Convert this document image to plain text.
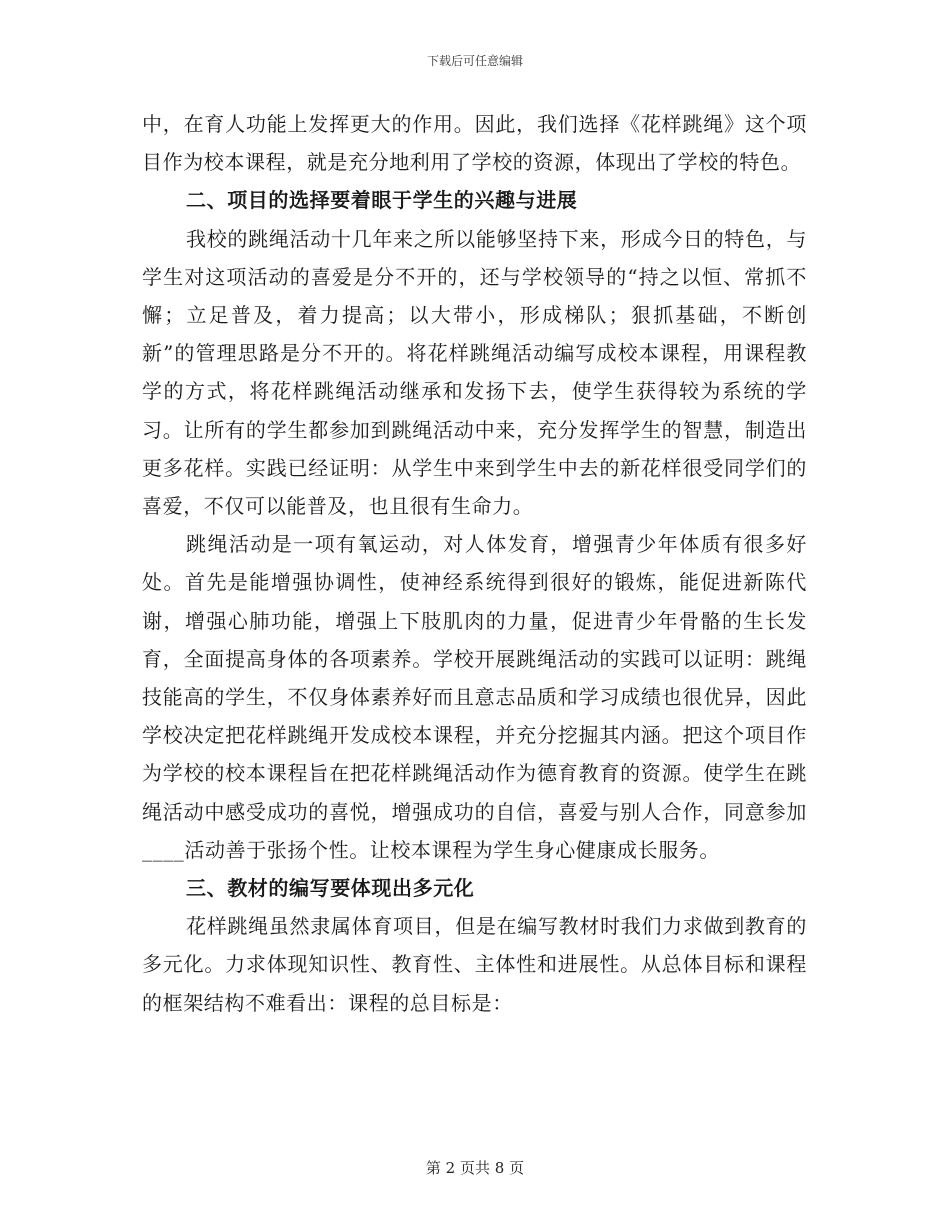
下载后可任意编辑

中，在育人功能上发挥更大的作用。因此，我们选择《花样跳绳》这个项目作为校本课程，就是充分地利用了学校的资源，体现出了学校的特色。

二、项目的选择要着眼于学生的兴趣与进展

我校的跳绳活动十几年来之所以能够坚持下来，形成今日的特色，与学生对这项活动的喜爱是分不开的，还与学校领导的“持之以恒、常抓不懈；立足普及，着力提高；以大带小，形成梯队；狠抓基础，不断创新”的管理思路是分不开的。将花样跳绳活动编写成校本课程，用课程教学的方式，将花样跳绳活动继承和发扬下去，使学生获得较为系统的学习。让所有的学生都参加到跳绳活动中来，充分发挥学生的智慧，制造出更多花样。实践已经证明：从学生中来到学生中去的新花样很受同学们的喜爱，不仅可以能普及，也且很有生命力。

跳绳活动是一项有氧运动，对人体发育，增强青少年体质有很多好处。首先是能增强协调性，使神经系统得到很好的锻炼，能促进新陈代谢，增强心肺功能，增强上下肢肌肉的力量，促进青少年骨骼的生长发育，全面提高身体的各项素养。学校开展跳绳活动的实践可以证明：跳绳技能高的学生，不仅身体素养好而且意志品质和学习成绩也很优异，因此学校决定把花样跳绳开发成校本课程，并充分挖掘其内涵。把这个项目作为学校的校本课程旨在把花样跳绳活动作为德育教育的资源。使学生在跳绳活动中感受成功的喜悦，增强成功的自信，喜爱与别人合作，同意参加____活动善于张扬个性。让校本课程为学生身心健康成长服务。

三、教材的编写要体现出多元化

花样跳绳虽然隶属体育项目，但是在编写教材时我们力求做到教育的多元化。力求体现知识性、教育性、主体性和进展性。从总体目标和课程的框架结构不难看出：课程的总目标是：

第 2 页共 8 页
